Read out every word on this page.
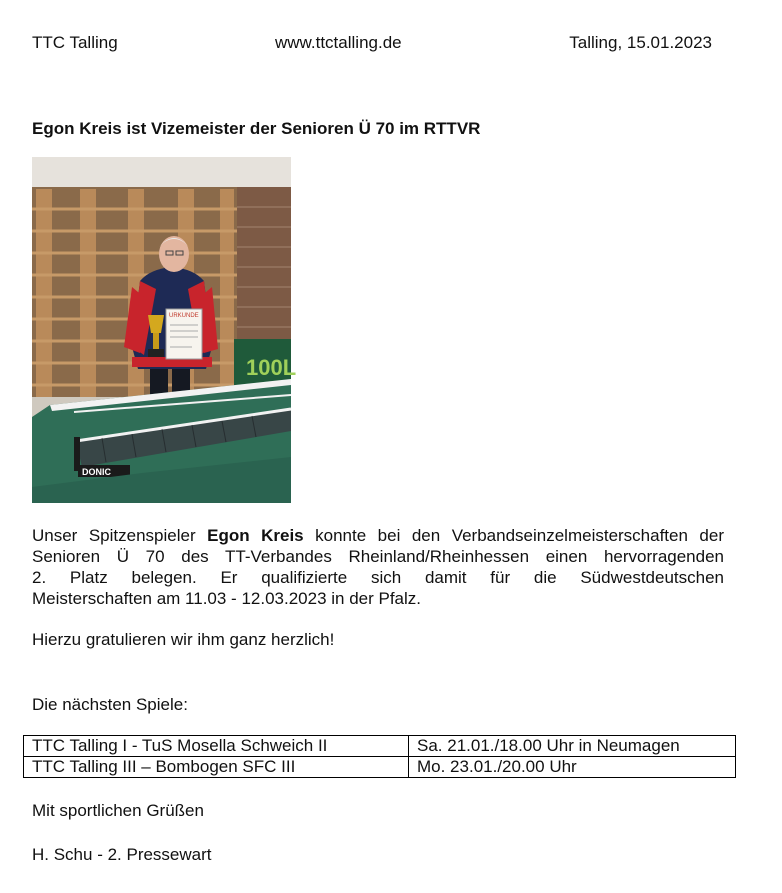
TTC Talling	www.ttctalling.de	Talling, 15.01.2023
Egon Kreis ist Vizemeister der Senioren Ü 70 im RTTVR
100L
URKUNDE
DONIC
Unser Spitzenspieler Egon Kreis konnte bei den Verbandseinzelmeisterschaften der
Senioren Ü 70 des TT-Verbandes Rheinland/Rheinhessen einen hervorragenden
2. Platz belegen. Er qualifizierte sich damit für die Südwestdeutschen
Meisterschaften am 11.03 - 12.03.2023 in der Pfalz.
Hierzu gratulieren wir ihm ganz herzlich!
Die nächsten Spiele:
TTC Talling I - TuS Mosella Schweich II	Sa. 21.01./18.00 Uhr in Neumagen
TTC Talling III – Bombogen SFC III	Mo. 23.01./20.00 Uhr
Mit sportlichen Grüßen
H. Schu - 2. Pressewart
